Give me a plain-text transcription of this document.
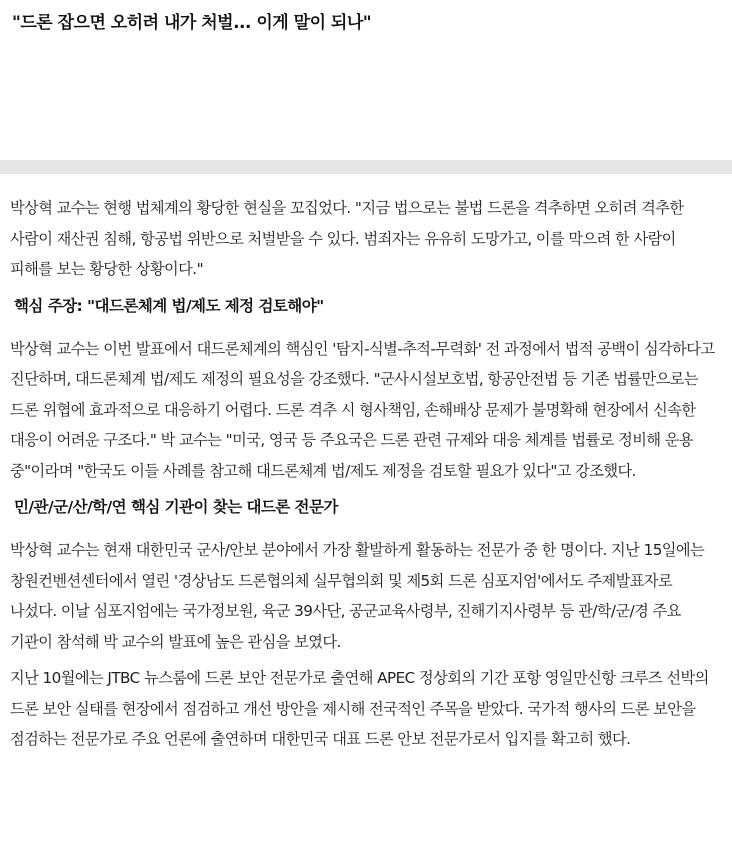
"드론 잡으면 오히려 내가 처벌... 이게 말이 되나"

박상혁 교수는 현행 법체계의 황당한 현실을 꼬집었다. "지금 법으로는 불법 드론을 격추하면 오히려 격추한 사람이 재산권 침해, 항공법 위반으로 처벌받을 수 있다. 범죄자는 유유히 도망가고, 이를 막으려 한 사람이 피해를 보는 황당한 상황이다."

핵심 주장: "대드론체계 법/제도 제정 검토해야"

박상혁 교수는 이번 발표에서 대드론체계의 핵심인 '탐지-식별-추적-무력화' 전 과정에서 법적 공백이 심각하다고 진단하며, 대드론체계 법/제도 제정의 필요성을 강조했다. "군사시설보호법, 항공안전법 등 기존 법률만으로는 드론 위협에 효과적으로 대응하기 어렵다. 드론 격추 시 형사책임, 손해배상 문제가 불명확해 현장에서 신속한 대응이 어려운 구조다." 박 교수는 "미국, 영국 등 주요국은 드론 관련 규제와 대응 체계를 법률로 정비해 운용 중"이라며 "한국도 이들 사례를 참고해 대드론체계 법/제도 제정을 검토할 필요가 있다"고 강조했다.

민/관/군/산/학/연 핵심 기관이 찾는 대드론 전문가

박상혁 교수는 현재 대한민국 군사/안보 분야에서 가장 활발하게 활동하는 전문가 중 한 명이다. 지난 15일에는 창원컨벤션센터에서 열린 '경상남도 드론협의체 실무협의회 및 제5회 드론 심포지엄'에서도 주제발표자로 나섰다. 이날 심포지엄에는 국가정보원, 육군 39사단, 공군교육사령부, 진해기지사령부 등 관/학/군/경 주요 기관이 참석해 박 교수의 발표에 높은 관심을 보였다.

지난 10월에는 JTBC 뉴스룸에 드론 보안 전문가로 출연해 APEC 정상회의 기간 포항 영일만신항 크루즈 선박의 드론 보안 실태를 현장에서 점검하고 개선 방안을 제시해 전국적인 주목을 받았다. 국가적 행사의 드론 보안을 점검하는 전문가로 주요 언론에 출연하며 대한민국 대표 드론 안보 전문가로서 입지를 확고히 했다.
